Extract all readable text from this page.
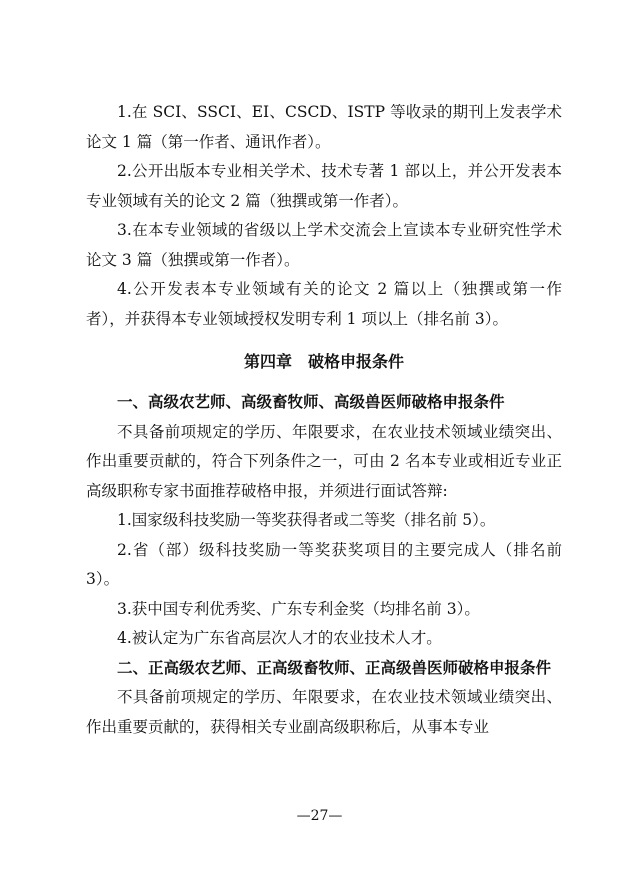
1.在 SCI、SSCI、EI、CSCD、ISTP 等收录的期刊上发表学术论文 1 篇（第一作者、通讯作者）。

2.公开出版本专业相关学术、技术专著 1 部以上，并公开发表本专业领域有关的论文 2 篇（独撰或第一作者）。

3.在本专业领域的省级以上学术交流会上宣读本专业研究性学术论文 3 篇（独撰或第一作者）。

4.公开发表本专业领域有关的论文 2 篇以上（独撰或第一作者），并获得本专业领域授权发明专利 1 项以上（排名前 3）。

第四章　破格申报条件

一、高级农艺师、高级畜牧师、高级兽医师破格申报条件

不具备前项规定的学历、年限要求，在农业技术领域业绩突出、作出重要贡献的，符合下列条件之一，可由 2 名本专业或相近专业正高级职称专家书面推荐破格申报，并须进行面试答辩:

1.国家级科技奖励一等奖获得者或二等奖（排名前 5）。

2.省（部）级科技奖励一等奖获奖项目的主要完成人（排名前 3）。

3.获中国专利优秀奖、广东专利金奖（均排名前 3）。

4.被认定为广东省高层次人才的农业技术人才。

二、正高级农艺师、正高级畜牧师、正高级兽医师破格申报条件

不具备前项规定的学历、年限要求，在农业技术领域业绩突出、作出重要贡献的，获得相关专业副高级职称后，从事本专业

—27—
